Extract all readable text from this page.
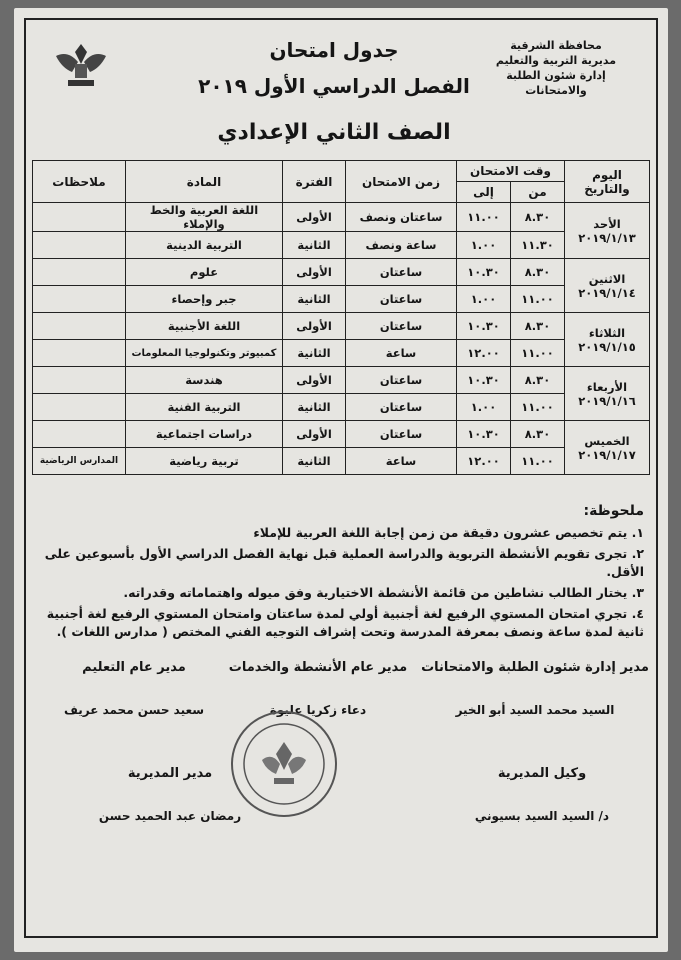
محافظة الشرقية
مديرية التربية والتعليم
إدارة شئون الطلبة والامتحانات
جدول امتحان
الفصل الدراسي الأول ٢٠١٩
الصف الثاني الإعدادي
اليوم والتاريخ	وقت الامتحان		زمن الامتحان	الفترة	المادة	ملاحظات
	من	إلى				

الأحد
٢٠١٩/١/١٣	٨.٣٠	١١.٠٠	ساعتان ونصف	الأولى	اللغة العربية والخط والإملاء	
	١١.٣٠	١.٠٠	ساعة ونصف	الثانية	التربية الدينية	

الاثنين
٢٠١٩/١/١٤	٨.٣٠	١٠.٣٠	ساعتان	الأولى	علوم	
	١١.٠٠	١.٠٠	ساعتان	الثانية	جبر وإحصاء	

الثلاثاء
٢٠١٩/١/١٥	٨.٣٠	١٠.٣٠	ساعتان	الأولى	اللغة الأجنبية	
	١١.٠٠	١٢.٠٠	ساعة	الثانية	كمبيوتر وتكنولوجيا المعلومات	

الأربعاء
٢٠١٩/١/١٦	٨.٣٠	١٠.٣٠	ساعتان	الأولى	هندسة	
	١١.٠٠	١.٠٠	ساعتان	الثانية	التربية الفنية	

الخميس
٢٠١٩/١/١٧	٨.٣٠	١٠.٣٠	ساعتان	الأولى	دراسات اجتماعية	
	١١.٠٠	١٢.٠٠	ساعة	الثانية	تربية رياضية	المدارس الرياضية
ملحوظة:
١. يتم تخصيص عشرون دقيقة من زمن إجابة اللغة العربية للإملاء
٢. تجرى تقويم الأنشطة التربوية والدراسة العملية قبل نهاية الفصل الدراسي الأول بأسبوعين على الأقل.
٣. يختار الطالب نشاطين من قائمة الأنشطة الاختيارية وفق ميوله واهتماماته وقدراته.
٤. تجري امتحان المستوي الرفيع لغة أجنبية أولي لمدة ساعتان وامتحان المستوي الرفيع لغة أجنبية ثانية لمدة ساعة ونصف بمعرفة المدرسة وتحت إشراف التوجيه الفني المختص ( مدارس اللغات ).
مدير إدارة شئون الطلبة والامتحانات
السيد محمد السيد أبو الخير
مدير عام الأنشطة والخدمات
دعاء زكريا عليوة
مدير عام التعليم
سعيد حسن محمد عريف
وكيل المديرية
د/ السيد السيد بسيوني
مدير المديرية
رمضان عبد الحميد حسن
